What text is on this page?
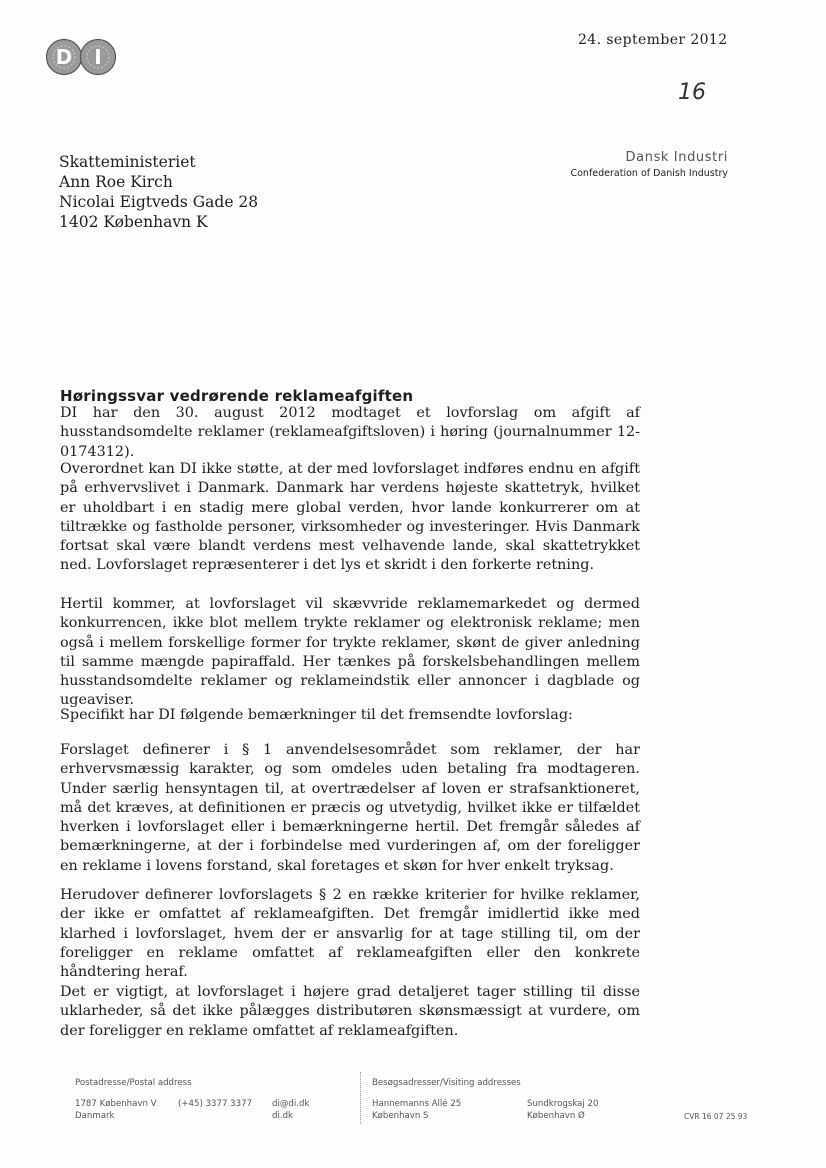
D I
24. september 2012
16
Skatteministeriet
Ann Roe Kirch
Nicolai Eigtveds Gade 28
1402 København K
Dansk Industri
Confederation of Danish Industry
Høringssvar vedrørende reklameafgiften

DI har den 30. august 2012 modtaget et lovforslag om afgift af husstandsomdelte reklamer (reklameafgiftsloven) i høring (journalnummer 12-0174312).

Overordnet kan DI ikke støtte, at der med lovforslaget indføres endnu en afgift på erhvervslivet i Danmark. Danmark har verdens højeste skattetryk, hvilket er uholdbart i en stadig mere global verden, hvor lande konkurrerer om at tiltrække og fastholde personer, virksomheder og investeringer. Hvis Danmark fortsat skal være blandt verdens mest velhavende lande, skal skattetrykket ned. Lovforslaget repræsenterer i det lys et skridt i den forkerte retning.

Hertil kommer, at lovforslaget vil skævvride reklamemarkedet og dermed konkurrencen, ikke blot mellem trykte reklamer og elektronisk reklame; men også i mellem forskellige former for trykte reklamer, skønt de giver anledning til samme mængde papiraffald. Her tænkes på forskelsbehandlingen mellem husstandsomdelte reklamer og reklameindstik eller annoncer i dagblade og ugeaviser.

Specifikt har DI følgende bemærkninger til det fremsendte lovforslag:

Forslaget definerer i § 1 anvendelsesområdet som reklamer, der har erhvervsmæssig karakter, og som omdeles uden betaling fra modtageren. Under særlig hensyntagen til, at overtrædelser af loven er strafsanktioneret, må det kræves, at definitionen er præcis og utvetydig, hvilket ikke er tilfældet hverken i lovforslaget eller i bemærkningerne hertil. Det fremgår således af bemærkningerne, at der i forbindelse med vurderingen af, om der foreligger en reklame i lovens forstand, skal foretages et skøn for hver enkelt tryksag.

Herudover definerer lovforslagets § 2 en række kriterier for hvilke reklamer, der ikke er omfattet af reklameafgiften. Det fremgår imidlertid ikke med klarhed i lovforslaget, hvem der er ansvarlig for at tage stilling til, om der foreligger en reklame omfattet af reklameafgiften eller den konkrete håndtering heraf.

Det er vigtigt, at lovforslaget i højere grad detaljeret tager stilling til disse uklarheder, så det ikke pålægges distributøren skønsmæssigt at vurdere, om der foreligger en reklame omfattet af reklameafgiften.

Postadresse/Postal address
1787 København V
Danmark
(+45) 3377 3377 di@di.dk
di.dk
Besøgsadresser/Visiting addresses
Hannemanns Allé 25
København S
Sundkrogskaj 20
København Ø	CVR 16 07 25 93
